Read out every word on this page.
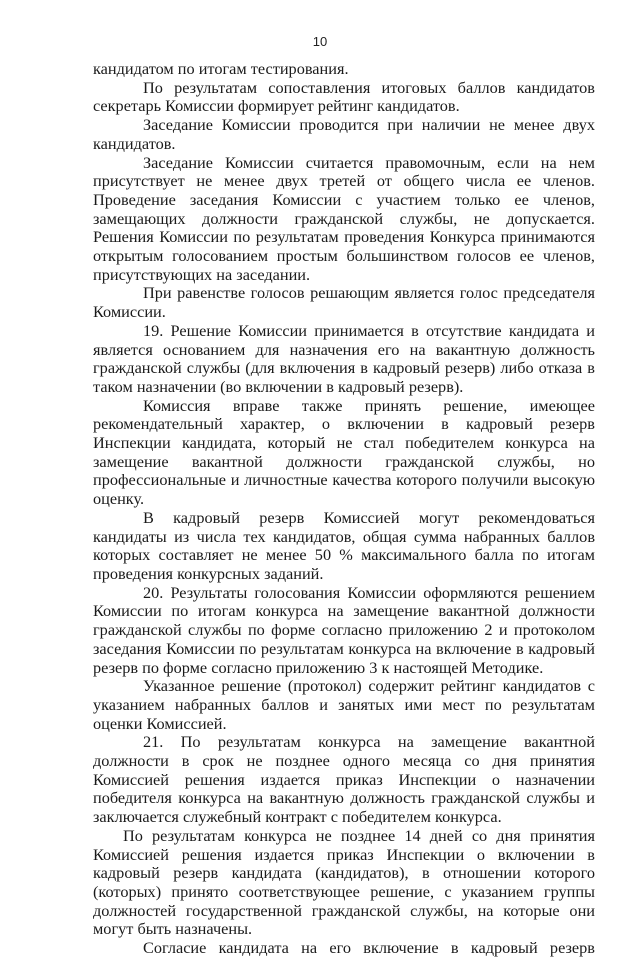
10

кандидатом по итогам тестирования.

По результатам сопоставления итоговых баллов кандидатов секретарь Комиссии формирует рейтинг кандидатов.

Заседание Комиссии проводится при наличии не менее двух кандидатов.

Заседание Комиссии считается правомочным, если на нем присутствует не менее двух третей от общего числа ее членов. Проведение заседания Комиссии с участием только ее членов, замещающих должности гражданской службы, не допускается. Решения Комиссии по результатам проведения Конкурса принимаются открытым голосованием простым большинством голосов ее членов, присутствующих на заседании.

При равенстве голосов решающим является голос председателя Комиссии.

19. Решение Комиссии принимается в отсутствие кандидата и является основанием для назначения его на вакантную должность гражданской службы (для включения в кадровый резерв) либо отказа в таком назначении (во включении в кадровый резерв).

Комиссия вправе также принять решение, имеющее рекомендательный характер, о включении в кадровый резерв Инспекции кандидата, который не стал победителем конкурса на замещение вакантной должности гражданской службы, но профессиональные и личностные качества которого получили высокую оценку.

В кадровый резерв Комиссией могут рекомендоваться кандидаты из числа тех кандидатов, общая сумма набранных баллов которых составляет не менее 50 % максимального балла по итогам проведения конкурсных заданий.

20. Результаты голосования Комиссии оформляются решением Комиссии по итогам конкурса на замещение вакантной должности гражданской службы по форме согласно приложению 2 и протоколом заседания Комиссии по результатам конкурса на включение в кадровый резерв по форме согласно приложению 3 к настоящей Методике.

Указанное решение (протокол) содержит рейтинг кандидатов с указанием набранных баллов и занятых ими мест по результатам оценки Комиссией.

21. По результатам конкурса на замещение вакантной должности в срок не позднее одного месяца со дня принятия Комиссией решения издается приказ Инспекции о назначении победителя конкурса на вакантную должность гражданской службы и заключается служебный контракт с победителем конкурса.

По результатам конкурса не позднее 14 дней со дня принятия Комиссией решения издается приказ Инспекции о включении в кадровый резерв кандидата (кандидатов), в отношении которого (которых) принято соответствующее решение, с указанием группы должностей государственной гражданской службы, на которые они могут быть назначены.

Согласие кандидата на его включение в кадровый резерв
